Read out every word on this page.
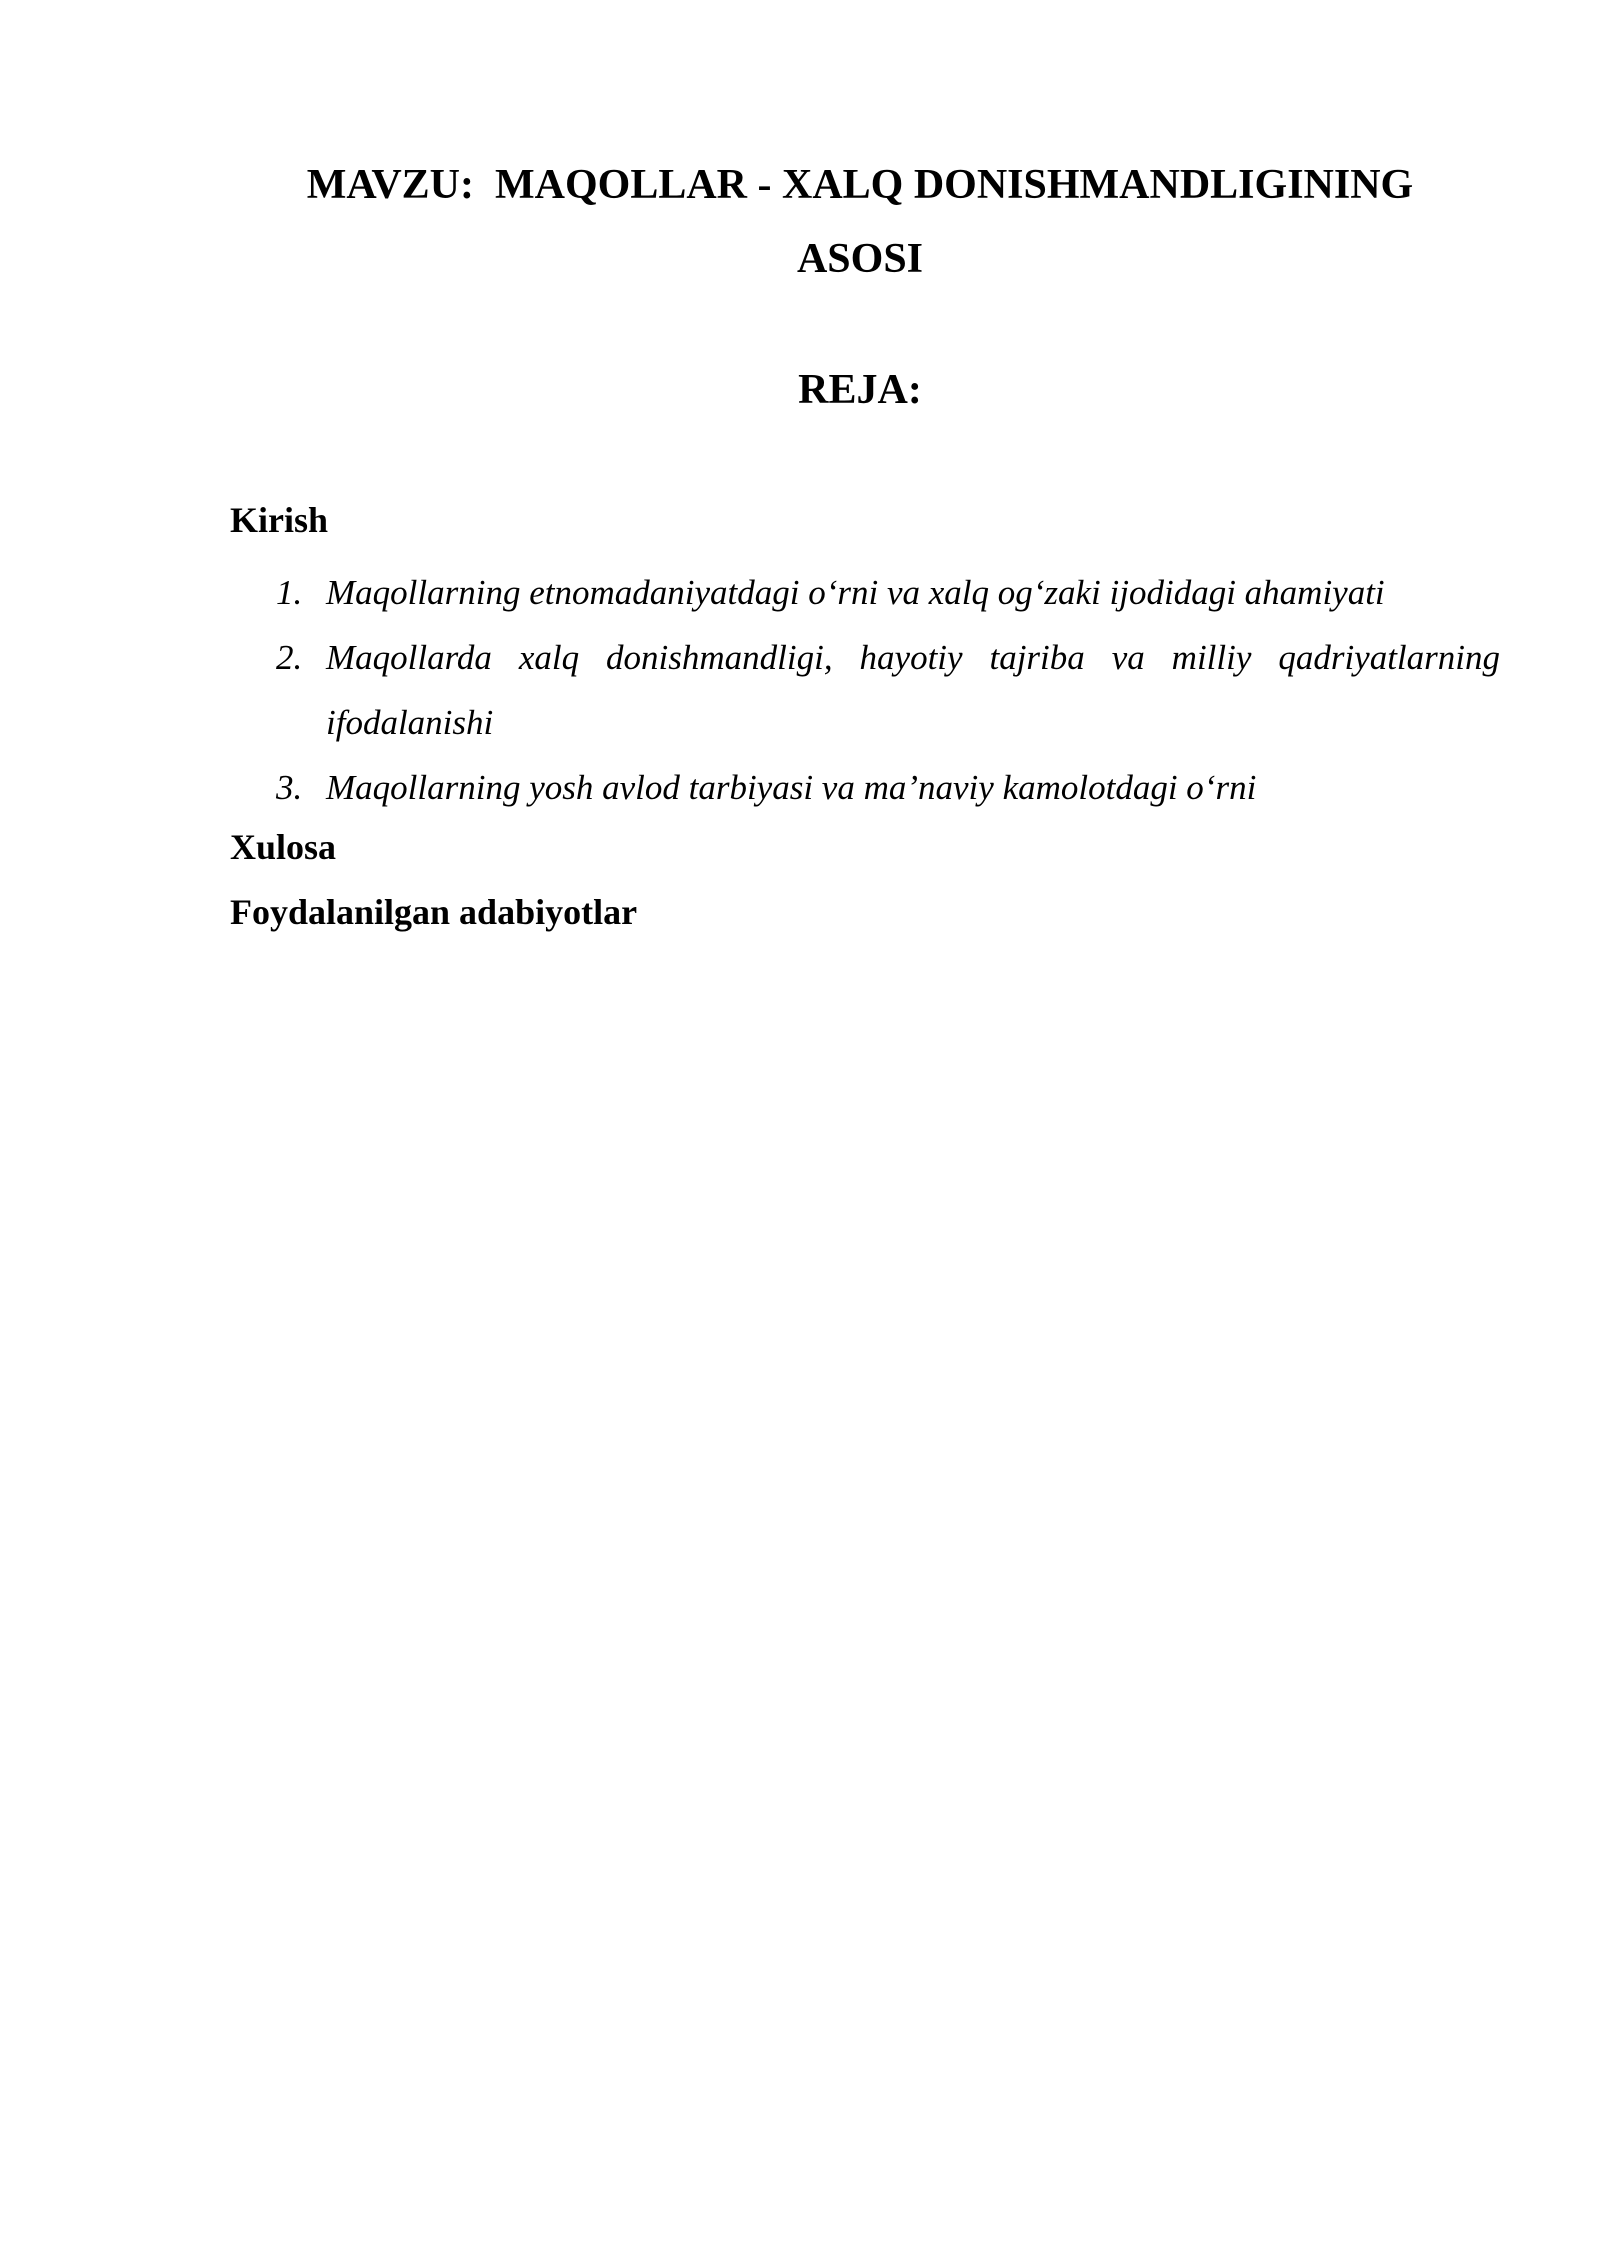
MAVZU:  MAQOLLAR - XALQ DONISHMANDLIGINING
ASOSI
REJA:
Kirish
1. Maqollarning etnomadaniyatdagi o‘rni va xalq og‘zaki ijodidagi ahamiyati
2. Maqollarda xalq donishmandligi, hayotiy tajriba va milliy qadriyatlarning ifodalanishi
3. Maqollarning yosh avlod tarbiyasi va ma’naviy kamolotdagi o‘rni
Xulosa
Foydalanilgan adabiyotlar
